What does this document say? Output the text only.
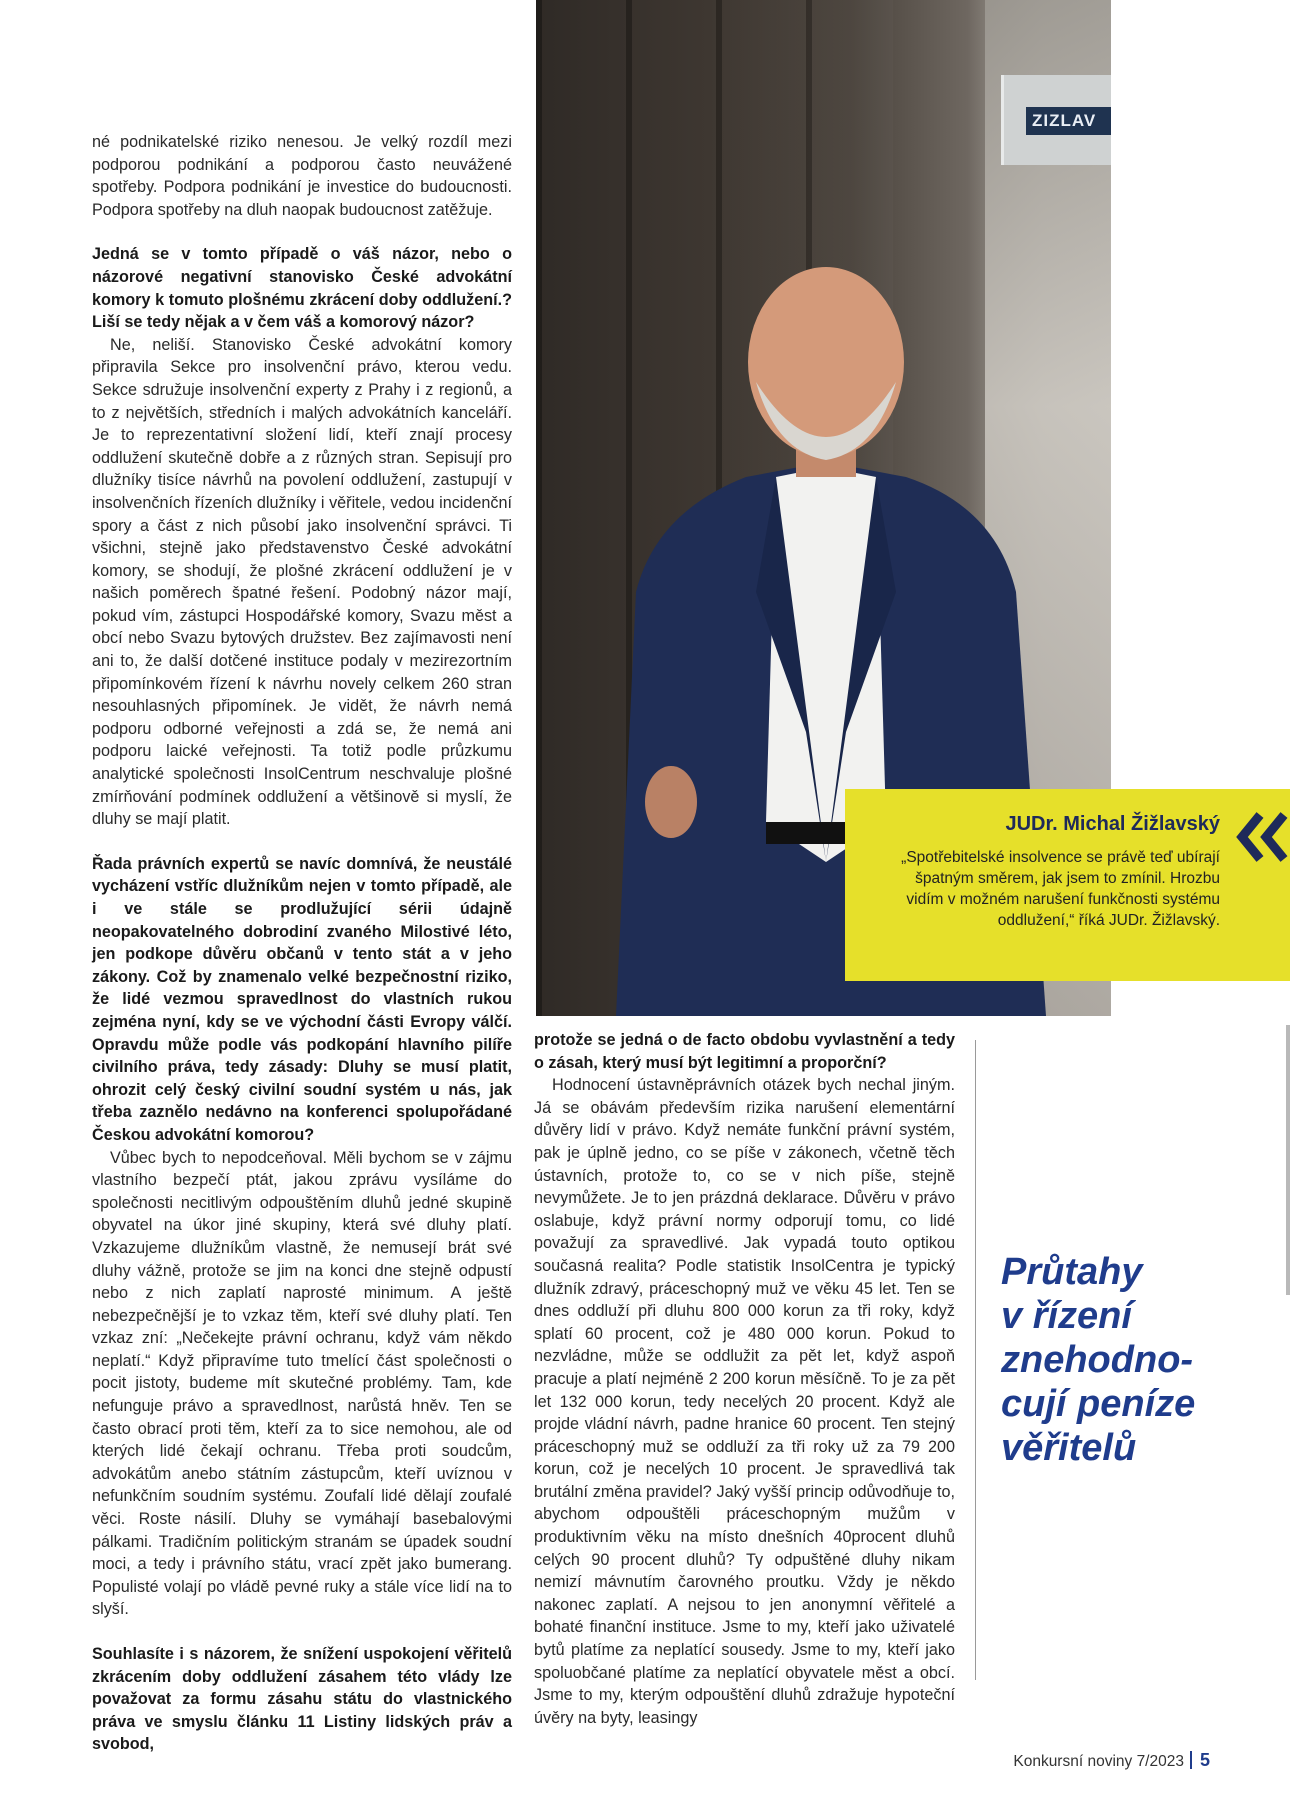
né podnikatelské riziko nenesou. Je velký rozdíl mezi podporou podnikání a podporou často neuvážené spotřeby. Podpora podnikání je investice do budoucnosti. Podpora spotřeby na dluh naopak budoucnost zatěžuje.

Jedná se v tomto případě o váš názor, nebo o názorové negativní stanovisko České advokátní komory k tomuto plošnému zkrácení doby oddlužení.? Liší se tedy nějak a v čem váš a komorový názor?

Ne, neliší. Stanovisko České advokátní komory připravila Sekce pro insolvenční právo, kterou vedu. Sekce sdružuje insolvenční experty z Prahy i z regionů, a to z největších, středních i malých advokátních kanceláří. Je to reprezentativní složení lidí, kteří znají procesy oddlužení skutečně dobře a z různých stran. Sepisují pro dlužníky tisíce návrhů na povolení oddlužení, zastupují v insolvenčních řízeních dlužníky i věřitele, vedou incidenční spory a část z nich působí jako insolvenční správci. Ti všichni, stejně jako představenstvo České advokátní komory, se shodují, že plošné zkrácení oddlužení je v našich poměrech špatné řešení. Podobný názor mají, pokud vím, zástupci Hospodářské komory, Svazu měst a obcí nebo Svazu bytových družstev. Bez zajímavosti není ani to, že další dotčené instituce podaly v mezirezortním připomínkovém řízení k návrhu novely celkem 260 stran nesouhlasných připomínek. Je vidět, že návrh nemá podporu odborné veřejnosti a zdá se, že nemá ani podporu laické veřejnosti. Ta totiž podle průzkumu analytické společnosti InsolCentrum neschvaluje plošné zmírňování podmínek oddlužení a většinově si myslí, že dluhy se mají platit.

Řada právních expertů se navíc domnívá, že neustálé vycházení vstříc dlužníkům nejen v tomto případě, ale i ve stále se prodlužující sérii údajně neopakovatelného dobrodiní zvaného Milostivé léto, jen podkope důvěru občanů v tento stát a v jeho zákony. Což by znamenalo velké bezpečnostní riziko, že lidé vezmou spravedlnost do vlastních rukou zejména nyní, kdy se ve východní části Evropy válčí. Opravdu může podle vás podkopání hlavního pilíře civilního práva, tedy zásady: Dluhy se musí platit, ohrozit celý český civilní soudní systém u nás, jak třeba zaznělo nedávno na konferenci spolupořádané Českou advokátní komorou?

Vůbec bych to nepodceňoval. Měli bychom se v zájmu vlastního bezpečí ptát, jakou zprávu vysíláme do společnosti necitlivým odpouštěním dluhů jedné skupině obyvatel na úkor jiné skupiny, která své dluhy platí. Vzkazujeme dlužníkům vlastně, že nemusejí brát své dluhy vážně, protože se jim na konci dne stejně odpustí nebo z nich zaplatí naprosté minimum. A ještě nebezpečnější je to vzkaz těm, kteří své dluhy platí. Ten vzkaz zní: „Nečekejte právní ochranu, když vám někdo neplatí.“ Když připravíme tuto tmelící část společnosti o pocit jistoty, budeme mít skutečné problémy. Tam, kde nefunguje právo a spravedlnost, narůstá hněv. Ten se často obrací proti těm, kteří za to sice nemohou, ale od kterých lidé čekají ochranu. Třeba proti soudcům, advokátům anebo státním zástupcům, kteří uvíznou v nefunkčním soudním systému. Zoufalí lidé dělají zoufalé věci. Roste násilí. Dluhy se vymáhají basebalovými pálkami. Tradičním politickým stranám se úpadek soudní moci, a tedy i právního státu, vrací zpět jako bumerang. Populisté volají po vládě pevné ruky a stále více lidí na to slyší.

Souhlasíte i s názorem, že snížení uspokojení věřitelů zkrácením doby oddlužení zásahem této vlády lze považovat za formu zásahu státu do vlastnického práva ve smyslu článku 11 Listiny lidských práv a svobod,

ZIZLAV
JUDr. Michal Žižlavský
„Spotřebitelské insolvence se právě teď ubírají špatným směrem, jak jsem to zmínil. Hrozbu vidím v možném narušení funkčnosti systému oddlužení,“ říká JUDr. Žižlavský.

protože se jedná o de facto obdobu vyvlastnění a tedy o zásah, který musí být legitimní a proporční?

Hodnocení ústavněprávních otázek bych nechal jiným. Já se obávám především rizika narušení elementární důvěry lidí v právo. Když nemáte funkční právní systém, pak je úplně jedno, co se píše v zákonech, včetně těch ústavních, protože to, co se v nich píše, stejně nevymůžete. Je to jen prázdná deklarace. Důvěru v právo oslabuje, když právní normy odporují tomu, co lidé považují za spravedlivé. Jak vypadá touto optikou současná realita? Podle statistik InsolCentra je typický dlužník zdravý, práceschopný muž ve věku 45 let. Ten se dnes oddluží při dluhu 800 000 korun za tři roky, když splatí 60 procent, což je 480 000 korun. Pokud to nezvládne, může se oddlužit za pět let, když aspoň pracuje a platí nejméně 2 200 korun měsíčně. To je za pět let 132 000 korun, tedy necelých 20 procent. Když ale projde vládní návrh, padne hranice 60 procent. Ten stejný práceschopný muž se oddluží za tři roky už za 79 200 korun, což je necelých 10 procent. Je spravedlivá tak brutální změna pravidel? Jaký vyšší princip odůvodňuje to, abychom odpouštěli práceschopným mužům v produktivním věku na místo dnešních 40procent dluhů celých 90 procent dluhů? Ty odpuštěné dluhy nikam nemizí mávnutím čarovného proutku. Vždy je někdo nakonec zaplatí. A nejsou to jen anonymní věřitelé a bohaté finanční instituce. Jsme to my, kteří jako uživatelé bytů platíme za neplatící sousedy. Jsme to my, kteří jako spoluobčané platíme za neplatící obyvatele měst a obcí. Jsme to my, kterým odpouštění dluhů zdražuje hypoteční úvěry na byty, leasingy

Průtahy
v řízení
znehodno-
cují peníze
věřitelů
Konkursní noviny 7/2023 5
